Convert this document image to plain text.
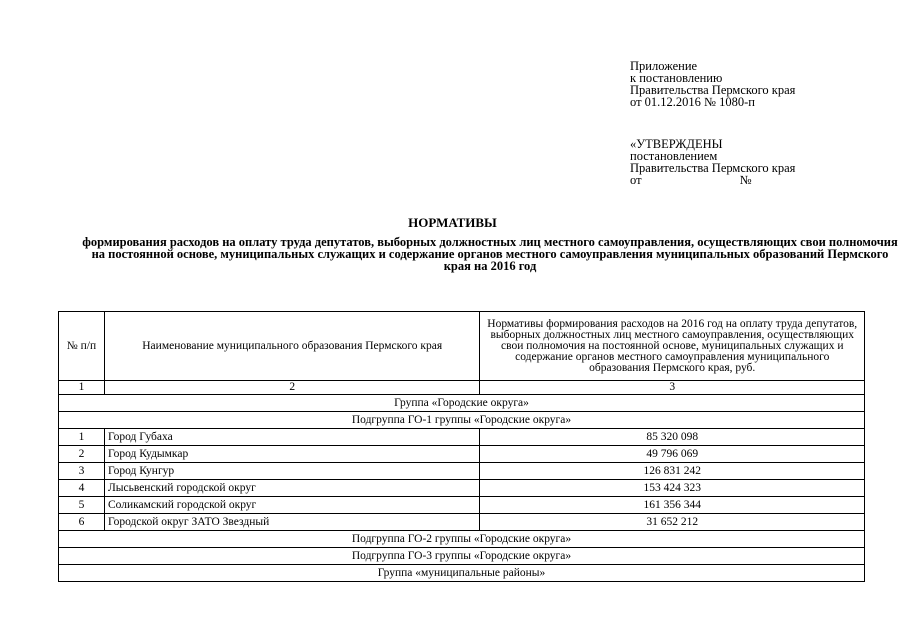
Приложение
к постановлению
Правительства Пермского края
от 01.12.2016 № 1080-п
«УТВЕРЖДЕНЫ
постановлением
Правительства Пермского края
от	№
НОРМАТИВЫ
формирования расходов на оплату труда депутатов, выборных должностных лиц местного самоуправления, осуществляющих свои полномочия на постоянной основе, муниципальных служащих и содержание органов местного самоуправления муниципальных образований Пермского края на 2016 год
№ п/п	Наименование муниципального образования Пермского края	Нормативы формирования расходов на 2016 год на оплату труда депутатов, выборных должностных лиц местного самоуправления, осуществляющих свои полномочия на постоянной основе, муниципальных служащих и содержание органов местного самоуправления муниципального образования Пермского края, руб.
1	2	3
Группа «Городские округа»		
Подгруппа ГО-1 группы «Городские округа»		
1	Город Губаха	85 320 098
2	Город Кудымкар	49 796 069
3	Город Кунгур	126 831 242
4	Лысьвенский городской округ	153 424 323
5	Соликамский городской округ	161 356 344
6	Городской округ ЗАТО Звездный	31 652 212
Подгруппа ГО-2 группы «Городские округа»		
Подгруппа ГО-3 группы «Городские округа»		
Группа «муниципальные районы»		
